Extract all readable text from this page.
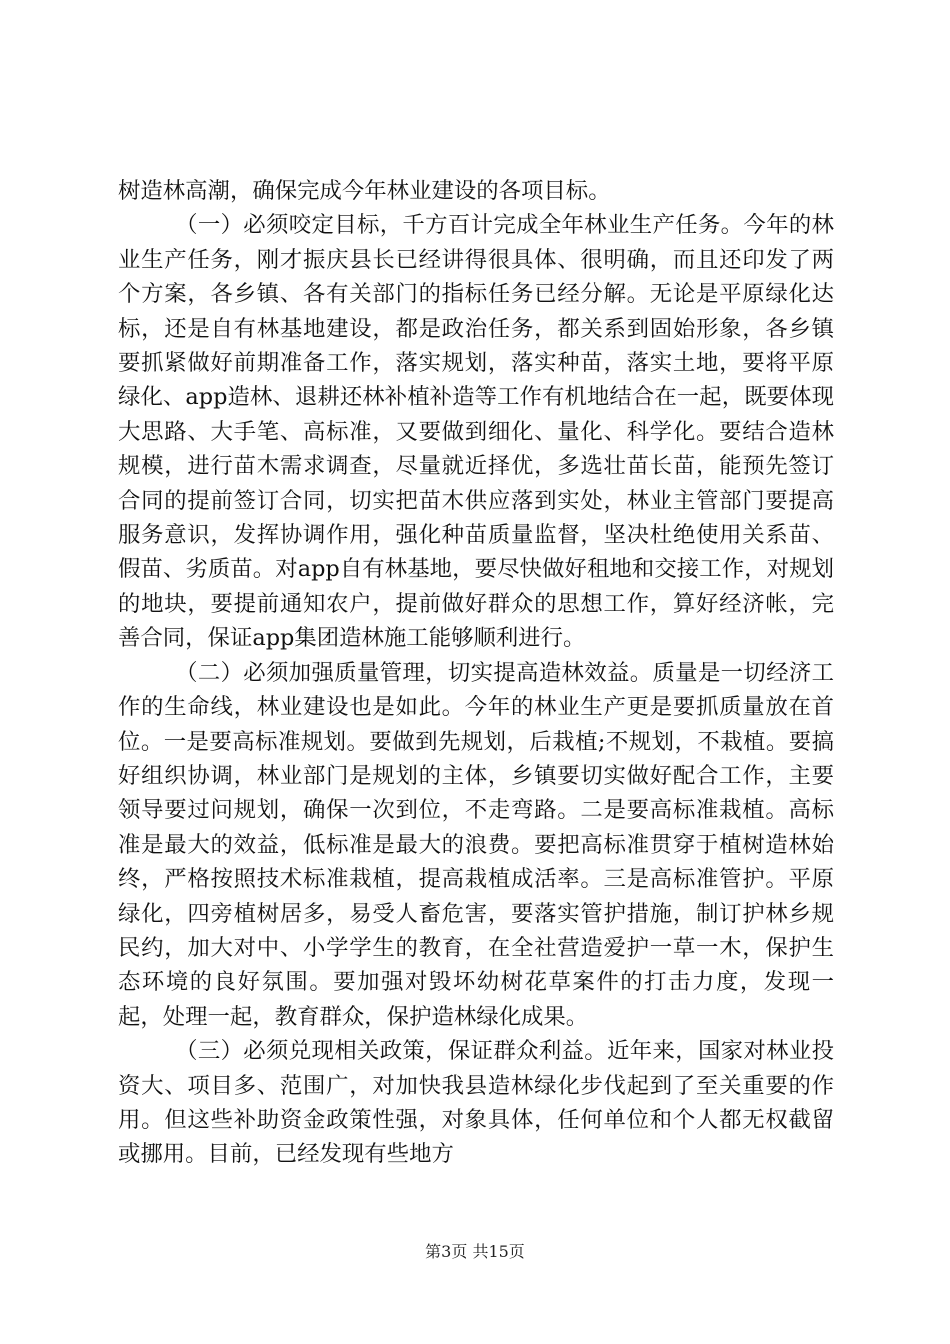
树造林高潮，确保完成今年林业建设的各项目标。

（一）必须咬定目标，千方百计完成全年林业生产任务。今年的林业生产任务，刚才振庆县长已经讲得很具体、很明确，而且还印发了两个方案，各乡镇、各有关部门的指标任务已经分解。无论是平原绿化达标，还是自有林基地建设，都是政治任务，都关系到固始形象，各乡镇要抓紧做好前期准备工作，落实规划，落实种苗，落实土地，要将平原绿化、app造林、退耕还林补植补造等工作有机地结合在一起，既要体现大思路、大手笔、高标准，又要做到细化、量化、科学化。要结合造林规模，进行苗木需求调查，尽量就近择优，多选壮苗长苗，能预先签订合同的提前签订合同，切实把苗木供应落到实处，林业主管部门要提高服务意识，发挥协调作用，强化种苗质量监督，坚决杜绝使用关系苗、假苗、劣质苗。对app自有林基地，要尽快做好租地和交接工作，对规划的地块，要提前通知农户，提前做好群众的思想工作，算好经济帐，完善合同，保证app集团造林施工能够顺利进行。

（二）必须加强质量管理，切实提高造林效益。质量是一切经济工作的生命线，林业建设也是如此。今年的林业生产更是要抓质量放在首位。一是要高标准规划。要做到先规划，后栽植;不规划，不栽植。要搞好组织协调，林业部门是规划的主体，乡镇要切实做好配合工作，主要领导要过问规划，确保一次到位，不走弯路。二是要高标准栽植。高标准是最大的效益，低标准是最大的浪费。要把高标准贯穿于植树造林始终，严格按照技术标准栽植，提高栽植成活率。三是高标准管护。平原绿化，四旁植树居多，易受人畜危害，要落实管护措施，制订护林乡规民约，加大对中、小学学生的教育，在全社营造爱护一草一木，保护生态环境的良好氛围。要加强对毁坏幼树花草案件的打击力度，发现一起，处理一起，教育群众，保护造林绿化成果。

（三）必须兑现相关政策，保证群众利益。近年来，国家对林业投资大、项目多、范围广，对加快我县造林绿化步伐起到了至关重要的作用。但这些补助资金政策性强，对象具体，任何单位和个人都无权截留或挪用。目前，已经发现有些地方

第3页 共15页
